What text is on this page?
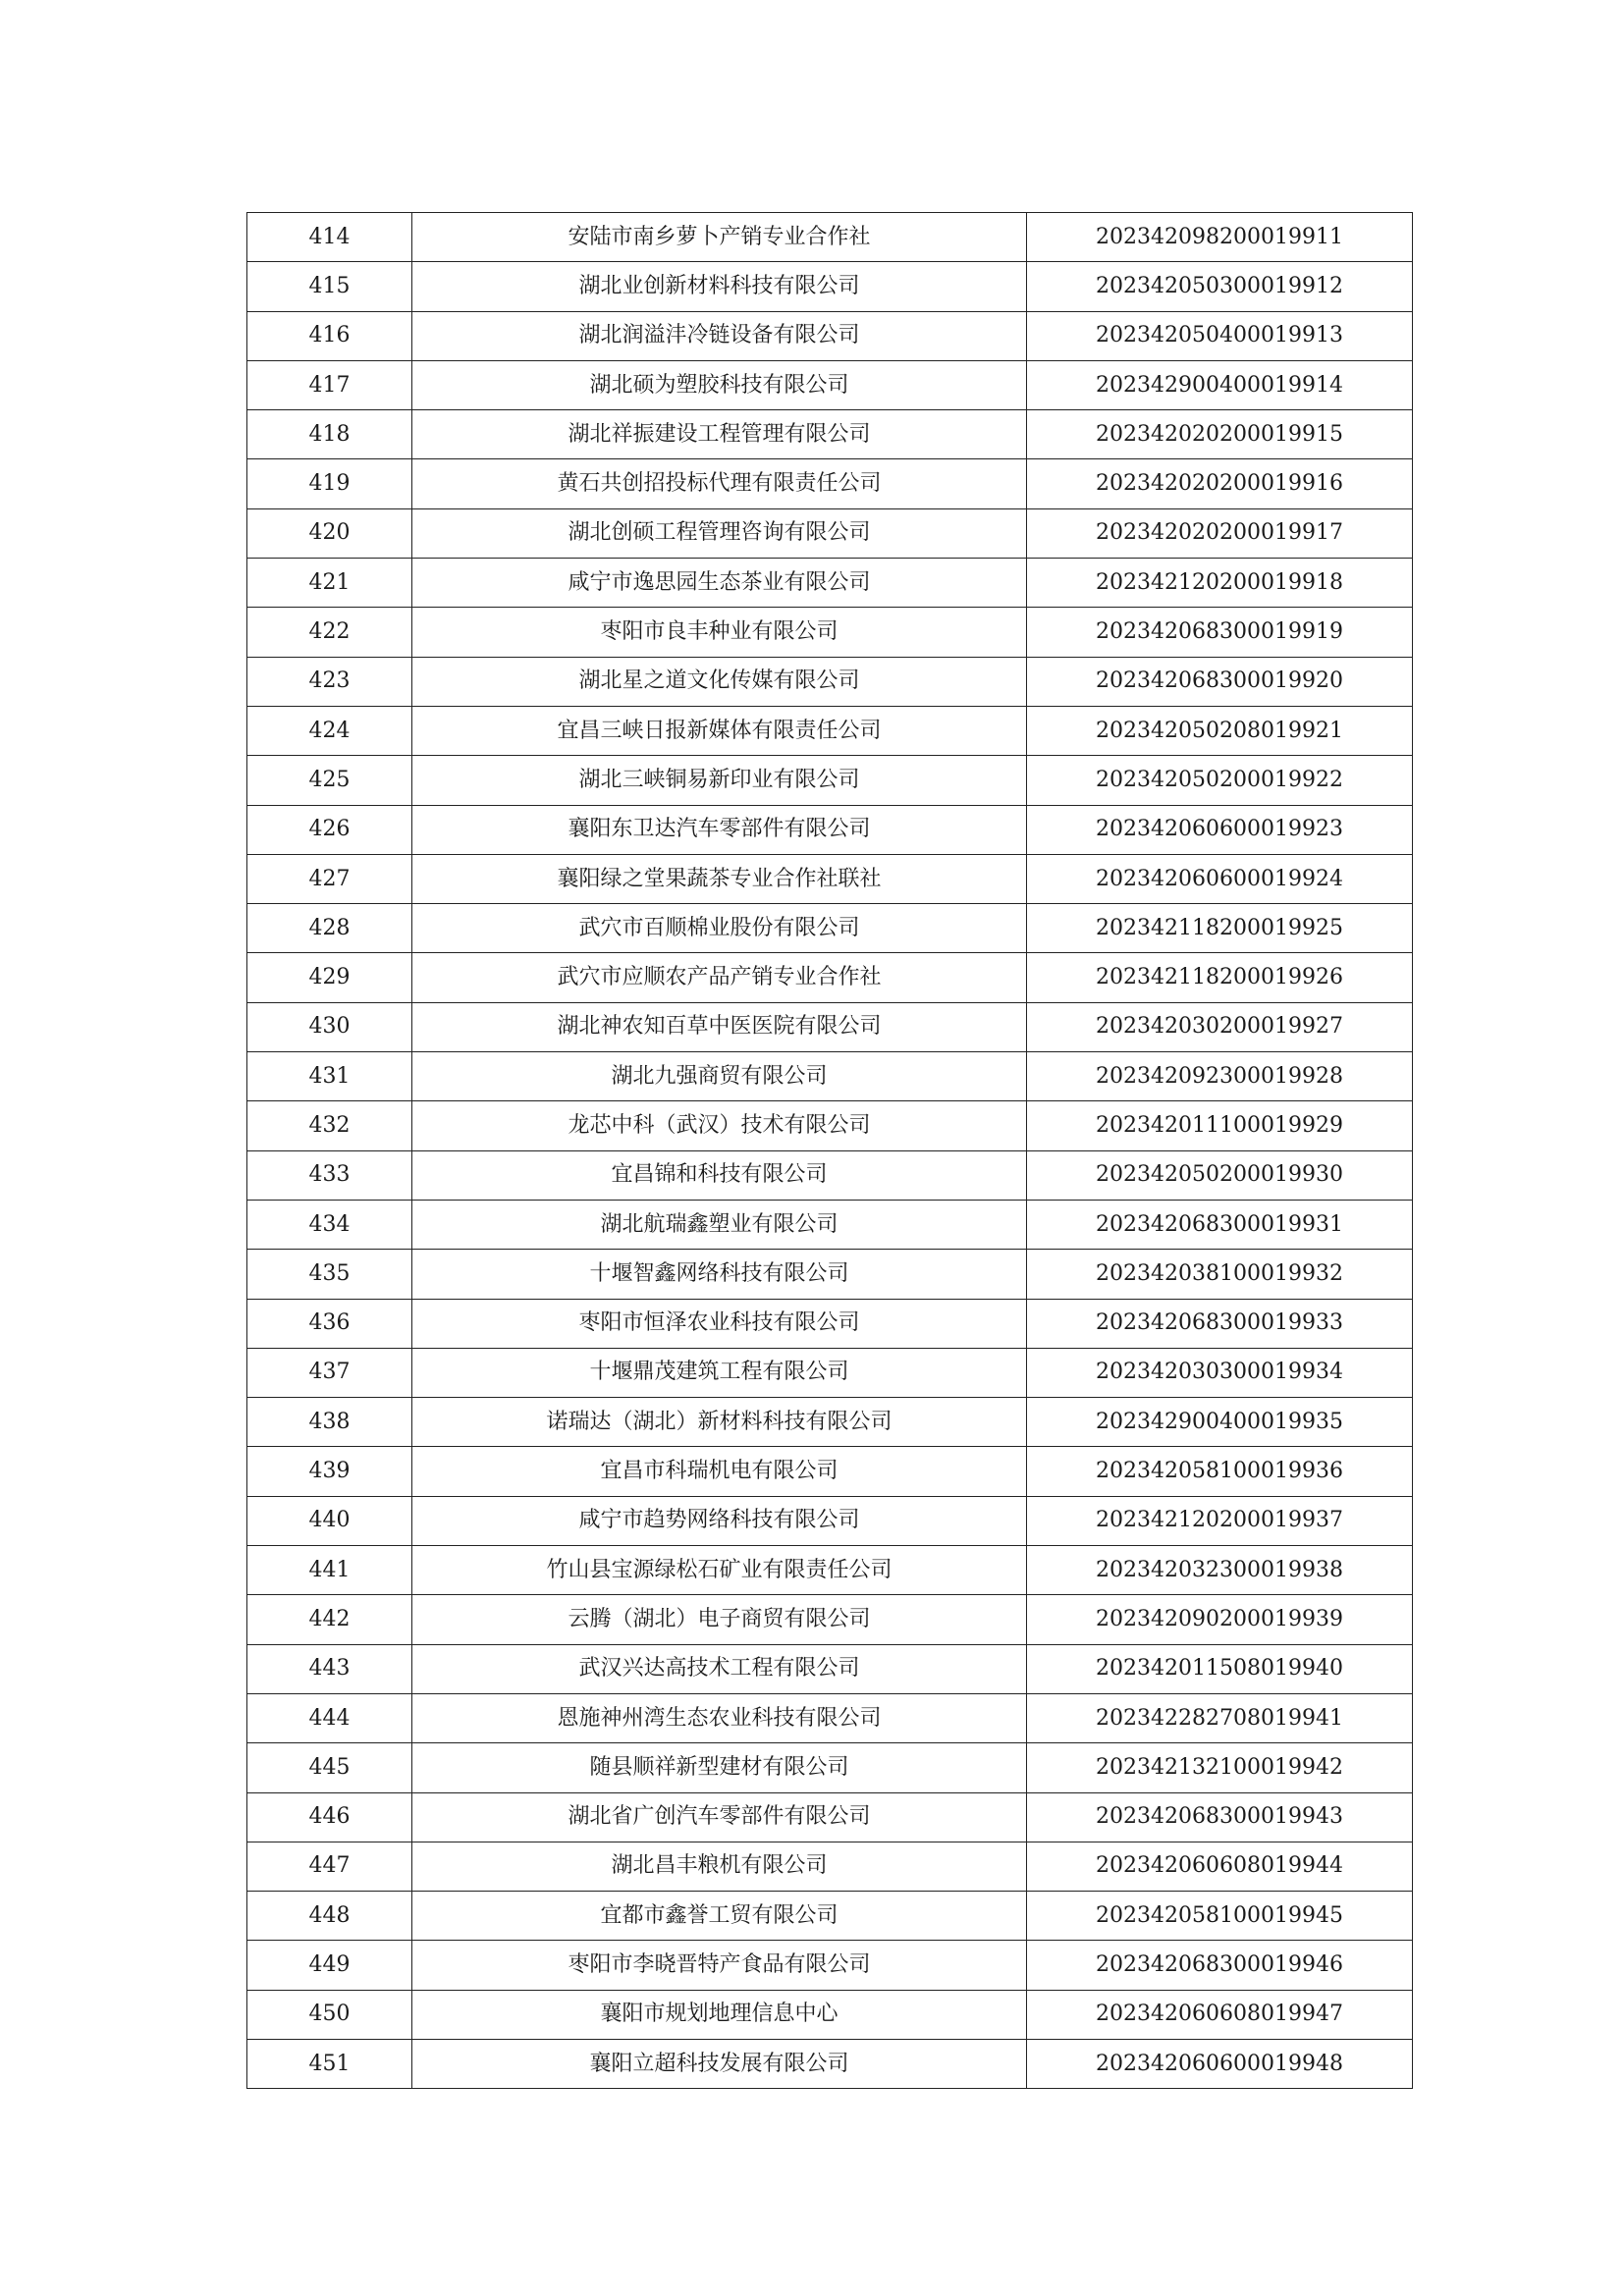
414	安陆市南乡萝卜产销专业合作社	202342098200019911
415	湖北业创新材料科技有限公司	202342050300019912
416	湖北润溢沣冷链设备有限公司	202342050400019913
417	湖北硕为塑胶科技有限公司	202342900400019914
418	湖北祥振建设工程管理有限公司	202342020200019915
419	黄石共创招投标代理有限责任公司	202342020200019916
420	湖北创硕工程管理咨询有限公司	202342020200019917
421	咸宁市逸思园生态茶业有限公司	202342120200019918
422	枣阳市良丰种业有限公司	202342068300019919
423	湖北星之道文化传媒有限公司	202342068300019920
424	宜昌三峡日报新媒体有限责任公司	202342050208019921
425	湖北三峡铜易新印业有限公司	202342050200019922
426	襄阳东卫达汽车零部件有限公司	202342060600019923
427	襄阳绿之堂果蔬茶专业合作社联社	202342060600019924
428	武穴市百顺棉业股份有限公司	202342118200019925
429	武穴市应顺农产品产销专业合作社	202342118200019926
430	湖北神农知百草中医医院有限公司	202342030200019927
431	湖北九强商贸有限公司	202342092300019928
432	龙芯中科（武汉）技术有限公司	202342011100019929
433	宜昌锦和科技有限公司	202342050200019930
434	湖北航瑞鑫塑业有限公司	202342068300019931
435	十堰智鑫网络科技有限公司	202342038100019932
436	枣阳市恒泽农业科技有限公司	202342068300019933
437	十堰鼎茂建筑工程有限公司	202342030300019934
438	诺瑞达（湖北）新材料科技有限公司	202342900400019935
439	宜昌市科瑞机电有限公司	202342058100019936
440	咸宁市趋势网络科技有限公司	202342120200019937
441	竹山县宝源绿松石矿业有限责任公司	202342032300019938
442	云腾（湖北）电子商贸有限公司	202342090200019939
443	武汉兴达高技术工程有限公司	202342011508019940
444	恩施神州湾生态农业科技有限公司	202342282708019941
445	随县顺祥新型建材有限公司	202342132100019942
446	湖北省广创汽车零部件有限公司	202342068300019943
447	湖北昌丰粮机有限公司	202342060608019944
448	宜都市鑫誉工贸有限公司	202342058100019945
449	枣阳市李晓晋特产食品有限公司	202342068300019946
450	襄阳市规划地理信息中心	202342060608019947
451	襄阳立超科技发展有限公司	202342060600019948
